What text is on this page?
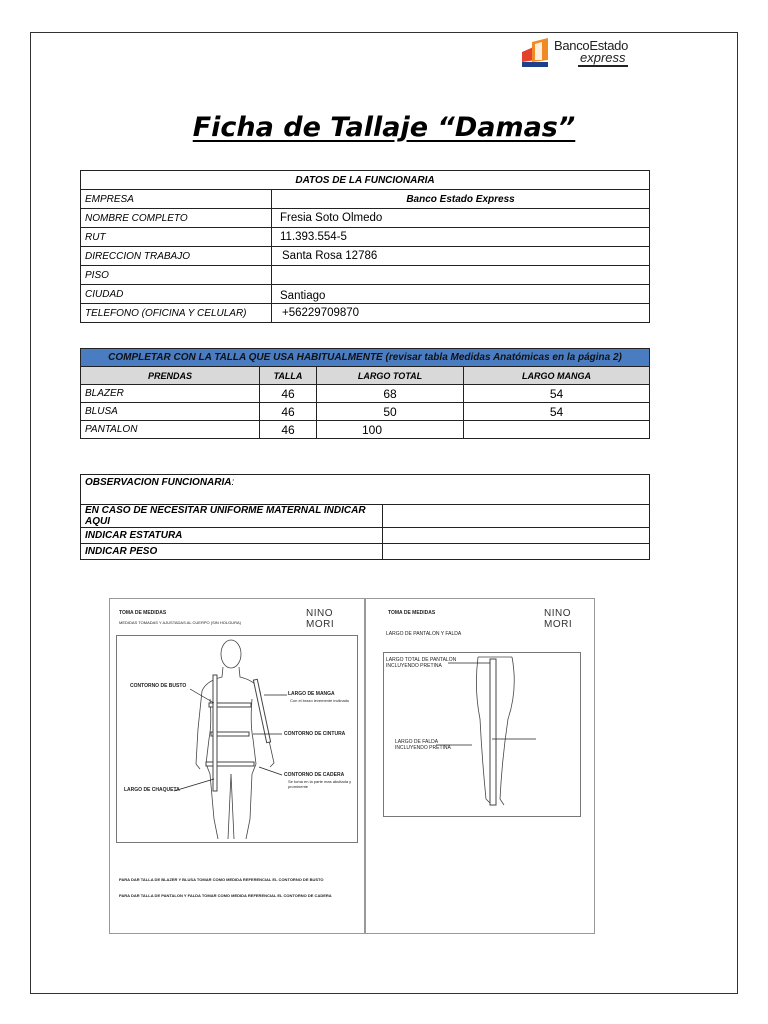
BancoEstado
express
Ficha de Tallaje “Damas”
DATOS DE LA FUNCIONARIA	
EMPRESA	Banco Estado Express
NOMBRE COMPLETO	Fresia Soto Olmedo
RUT	11.393.554-5
DIRECCION TRABAJO	Santa Rosa 12786
PISO	
CIUDAD	Santiago
TELEFONO (OFICINA Y CELULAR)	+56229709870
COMPLETAR CON LA TALLA QUE USA HABITUALMENTE (revisar tabla Medidas Anatómicas en la página 2)			
PRENDAS	TALLA	LARGO TOTAL	LARGO MANGA
BLAZER	46	68	54
BLUSA	46	50	54
PANTALON	46	100	
OBSERVACION FUNCIONARIA:	
EN CASO DE NECESITAR UNIFORME MATERNAL INDICAR AQUI	
INDICAR ESTATURA	
INDICAR PESO	
TOMA DE MEDIDAS
MEDIDAS TOMADAS Y AJUSTADAS AL CUERPO (SIN HOLGURA)
NINO MORI
CONTORNO DE BUSTO
LARGO DE MANGA
Con el brazo levemente inclinado
CONTORNO DE CINTURA
CONTORNO DE CADERA
Se toma en la parte mas abultada y prominente
LARGO DE CHAQUETA
PARA DAR TALLA DE BLAZER Y BLUSA TOMAR COMO MEDIDA REFERENCIAL EL CONTORNO DE BUSTO
PARA DAR TALLA DE PANTALON Y FALDA TOMAR COMO MEDIDA REFERENCIAL EL CONTORNO DE CADERA
TOMA DE MEDIDAS	NINO MORI
LARGO DE PANTALON Y FALDA
LARGO TOTAL DE PANTALON INCLUYENDO PRETINA
LARGO DE FALDA INCLUYENDO PRETINA
